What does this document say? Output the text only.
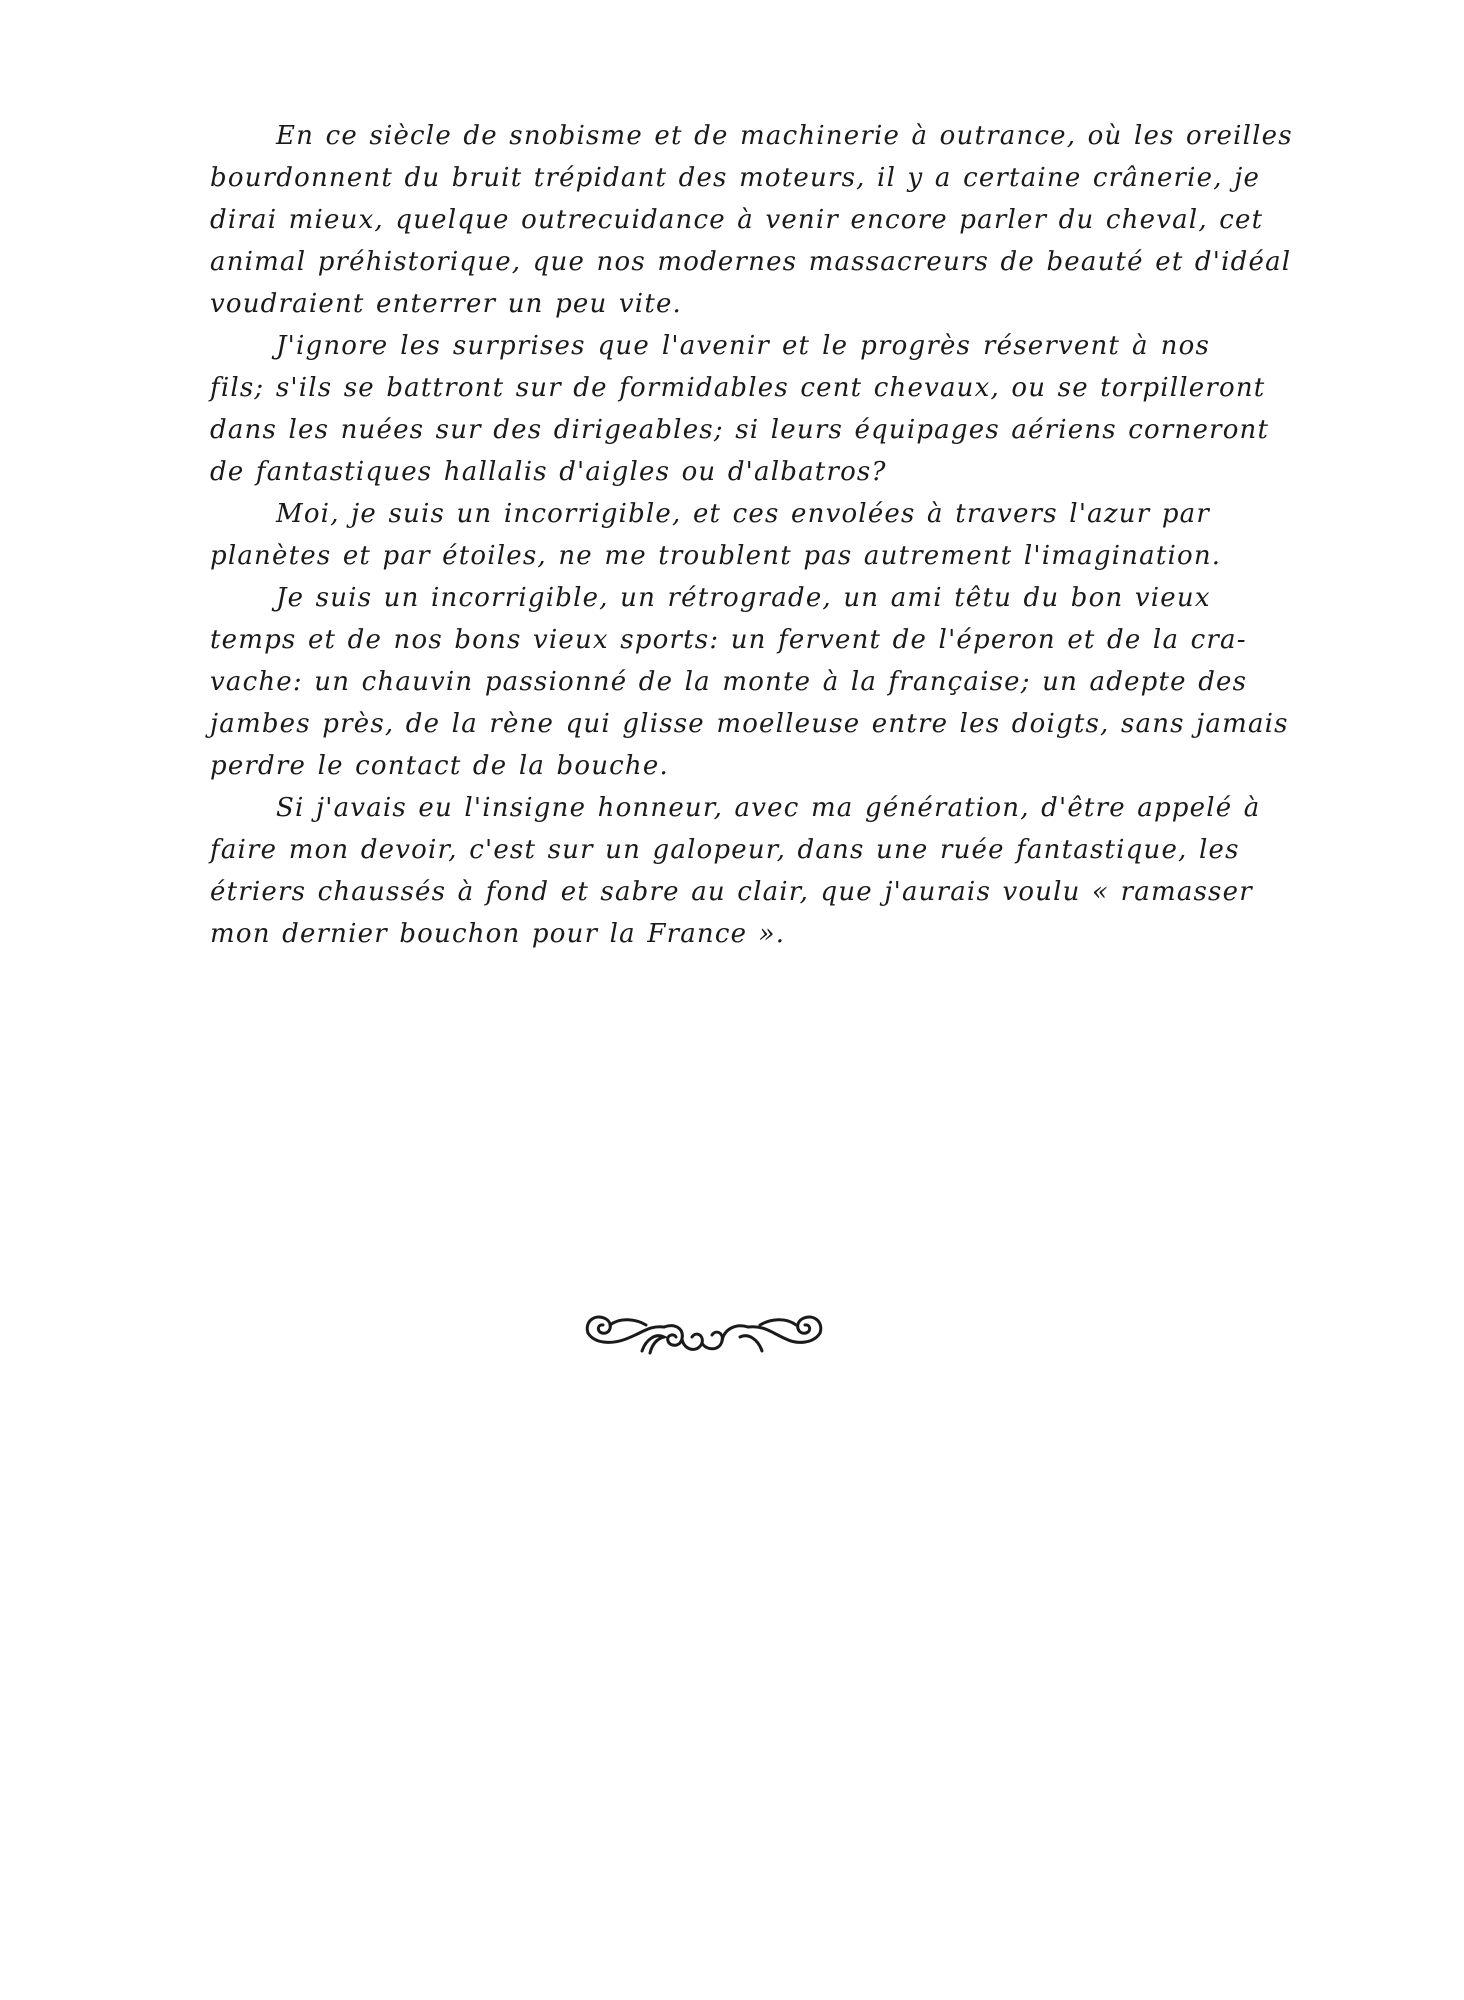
En ce siècle de snobisme et de machinerie à outrance, où les oreilles
bourdonnent du bruit trépidant des moteurs, il y a certaine crânerie, je
dirai mieux, quelque outrecuidance à venir encore parler du cheval, cet
animal préhistorique, que nos modernes massacreurs de beauté et d'idéal
voudraient enterrer un peu vite.
J'ignore les surprises que l'avenir et le progrès réservent à nos
fils; s'ils se battront sur de formidables cent chevaux, ou se torpilleront
dans les nuées sur des dirigeables; si leurs équipages aériens corneront
de fantastiques hallalis d'aigles ou d'albatros?
Moi, je suis un incorrigible, et ces envolées à travers l'azur par
planètes et par étoiles, ne me troublent pas autrement l'imagination.
Je suis un incorrigible, un rétrograde, un ami têtu du bon vieux
temps et de nos bons vieux sports: un fervent de l'éperon et de la cra-
vache: un chauvin passionné de la monte à la française; un adepte des
jambes près, de la rène qui glisse moelleuse entre les doigts, sans jamais
perdre le contact de la bouche.
Si j'avais eu l'insigne honneur, avec ma génération, d'être appelé à
faire mon devoir, c'est sur un galopeur, dans une ruée fantastique, les
étriers chaussés à fond et sabre au clair, que j'aurais voulu « ramasser
mon dernier bouchon pour la France ».
